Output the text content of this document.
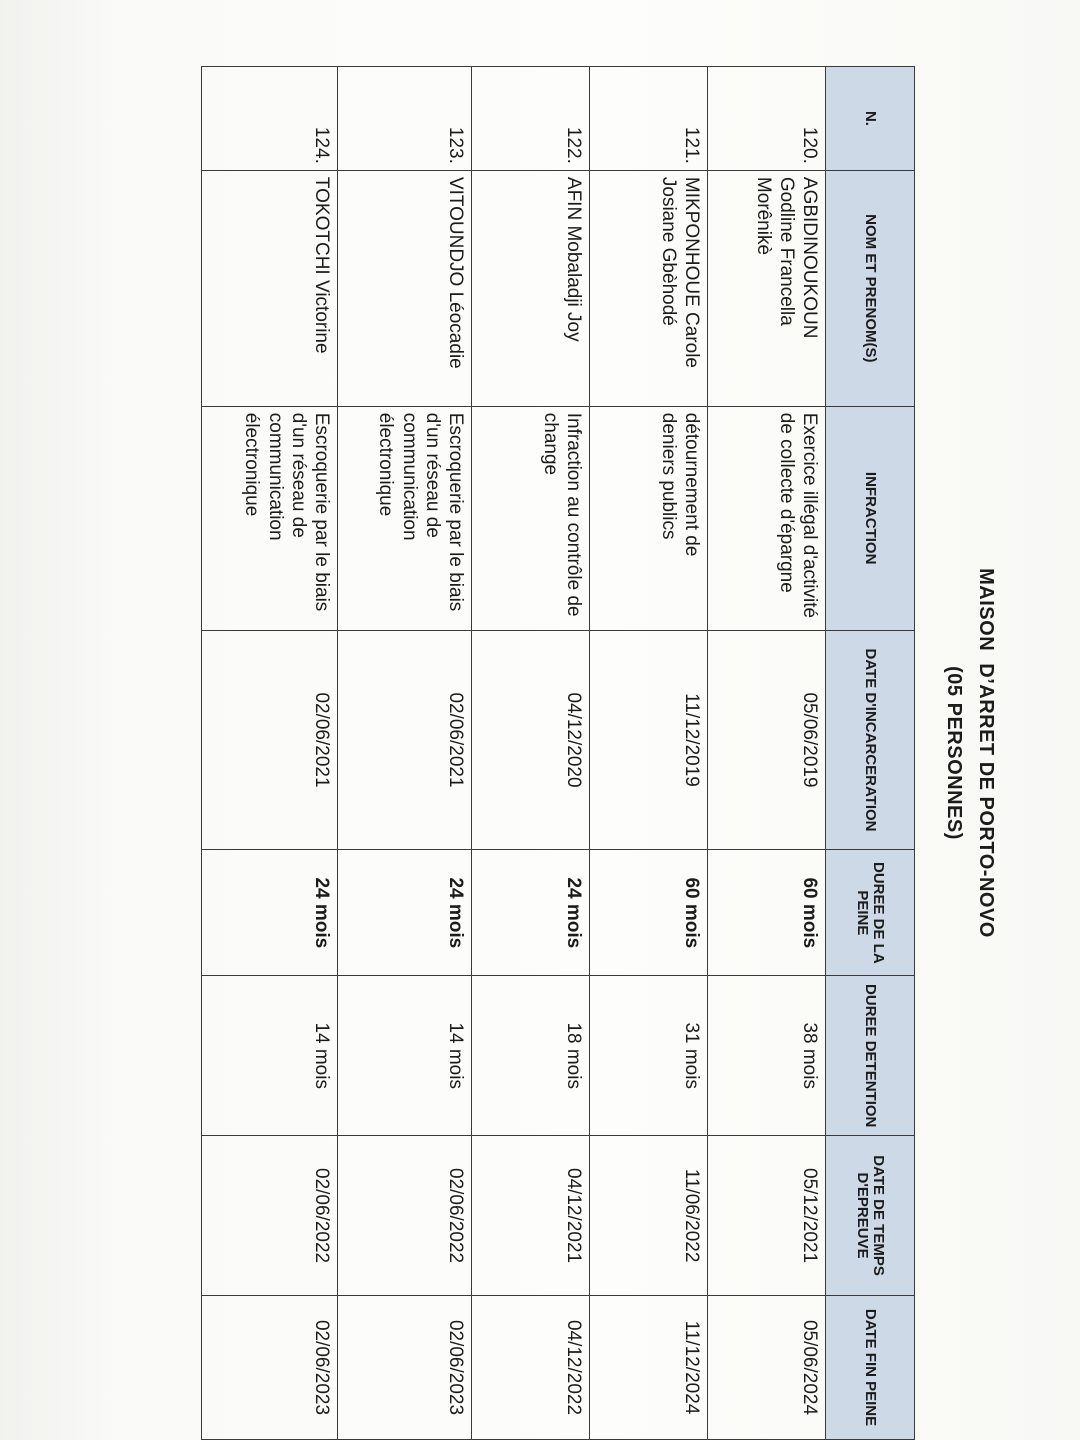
MAISON  D’ARRET DE PORTO-NOVO
(05 PERSONNES)
N.	NOM ET PRENOM(S)	INFRACTION	DATE D'INCARCERATION	DUREE DE LA PEINE	DUREE DETENTION	DATE DE TEMPS D'EPREUVE	DATE FIN PEINE
120.	AGBIDINOUKOUN Godline Francella Morênikè	Exercice illégal d'activité de collecte d'épargne	05/06/2019	60 mois	38 mois	05/12/2021	05/06/2024
121.	MIKPONHOUE Carole Josiane Gbèhodé	détournement de deniers publics	11/12/2019	60 mois	31 mois	11/06/2022	11/12/2024
122.	AFIN Mobaladji Joy	Infraction au contrôle de change	04/12/2020	24 mois	18 mois	04/12/2021	04/12/2022
123.	VITOUNDJO Léocadie	Escroquerie par le biais d'un réseau de communication électronique	02/06/2021	24 mois	14 mois	02/06/2022	02/06/2023
124.	TOKOTCHI Victorine	Escroquerie par le biais d'un réseau de communication électronique	02/06/2021	24 mois	14 mois	02/06/2022	02/06/2023
